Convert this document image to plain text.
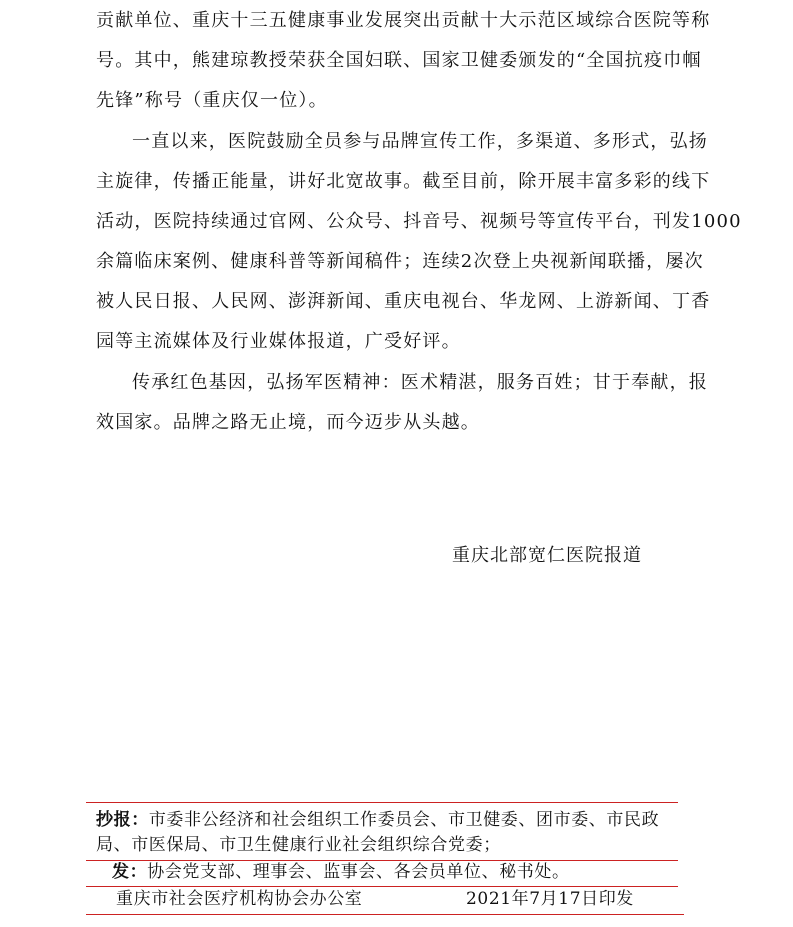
贡献单位、重庆十三五健康事业发展突出贡献十大示范区域综合医院等称
号。其中，熊建琼教授荣获全国妇联、国家卫健委颁发的“全国抗疫巾帼
先锋”称号（重庆仅一位）。
一直以来，医院鼓励全员参与品牌宣传工作，多渠道、多形式，弘扬
主旋律，传播正能量，讲好北宽故事。截至目前，除开展丰富多彩的线下
活动，医院持续通过官网、公众号、抖音号、视频号等宣传平台，刊发1000
余篇临床案例、健康科普等新闻稿件；连续2次登上央视新闻联播，屡次
被人民日报、人民网、澎湃新闻、重庆电视台、华龙网、上游新闻、丁香
园等主流媒体及行业媒体报道，广受好评。
传承红色基因，弘扬军医精神：医术精湛，服务百姓；甘于奉献，报
效国家。品牌之路无止境，而今迈步从头越。
重庆北部宽仁医院报道
抄报：市委非公经济和社会组织工作委员会、市卫健委、团市委、市民政
局、市医保局、市卫生健康行业社会组织综合党委；
发：协会党支部、理事会、监事会、各会员单位、秘书处。
重庆市社会医疗机构协会办公室	2021年7月17日印发
